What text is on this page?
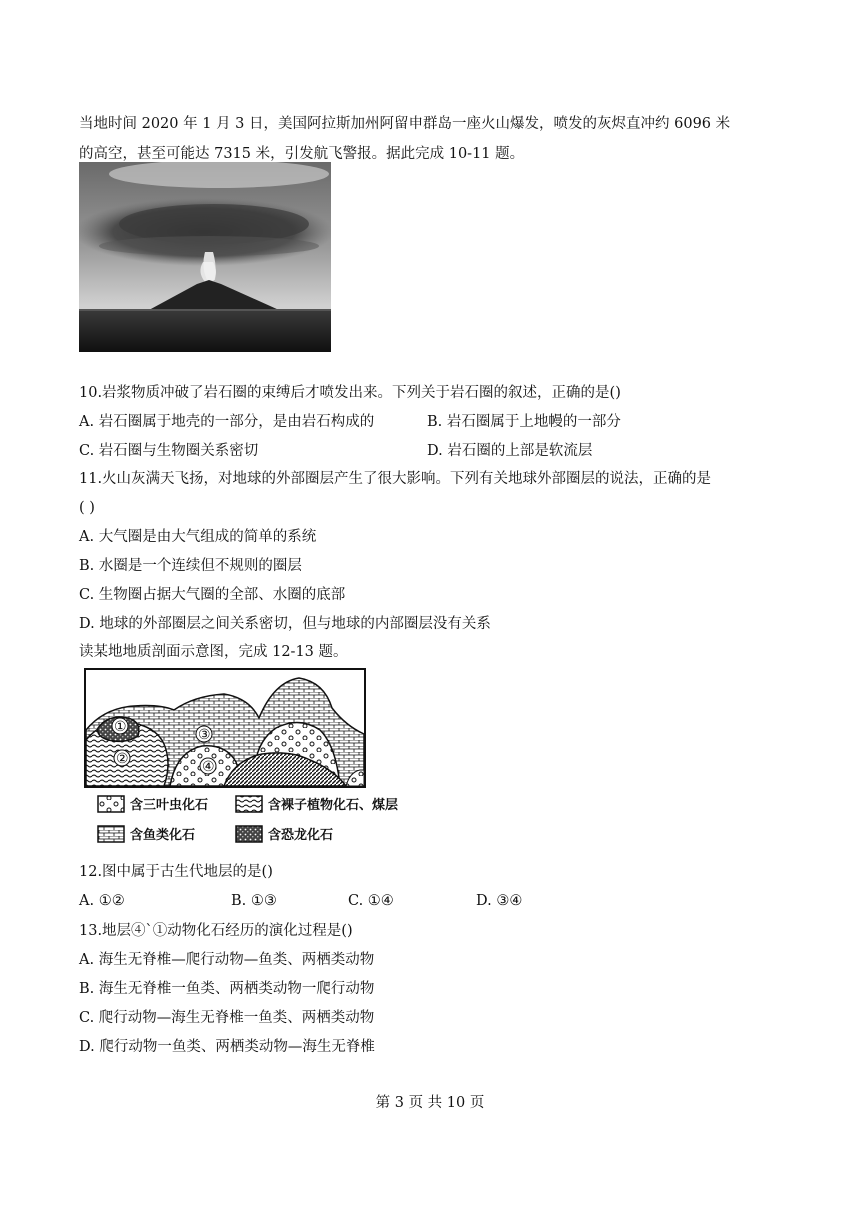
当地时间 2020 年 1 月 3 日，美国阿拉斯加州阿留申群岛一座火山爆发，喷发的灰烬直冲约 6096 米
的高空，甚至可能达 7315 米，引发航飞警报。据此完成 10-11 题。
10.岩浆物质冲破了岩石圈的束缚后才喷发出来。下列关于岩石圈的叙述，正确的是()
A. 岩石圈属于地壳的一部分，是由岩石构成的	B. 岩石圈属于上地幔的一部分
C. 岩石圈与生物圈关系密切	D. 岩石圈的上部是软流层
11.火山灰满天飞扬，对地球的外部圈层产生了很大影响。下列有关地球外部圈层的说法，正确的是
( )
A. 大气圈是由大气组成的简单的系统
B. 水圈是一个连续但不规则的圈层
C. 生物圈占据大气圈的全部、水圈的底部
D. 地球的外部圈层之间关系密切，但与地球的内部圈层没有关系
读某地地质剖面示意图，完成 12-13 题。
①
②
③
④
含三叶虫化石	含裸子植物化石、煤层
含鱼类化石	含恐龙化石
12.图中属于古生代地层的是()
A. ①②	B. ①③	C. ①④	D. ③④
13.地层④`①动物化石经历的演化过程是()
A. 海生无脊椎—爬行动物—鱼类、两栖类动物
B. 海生无脊椎一鱼类、两栖类动物一爬行动物
C. 爬行动物—海生无脊椎一鱼类、两栖类动物
D. 爬行动物一鱼类、两栖类动物—海生无脊椎
第 3 页 共 10 页
